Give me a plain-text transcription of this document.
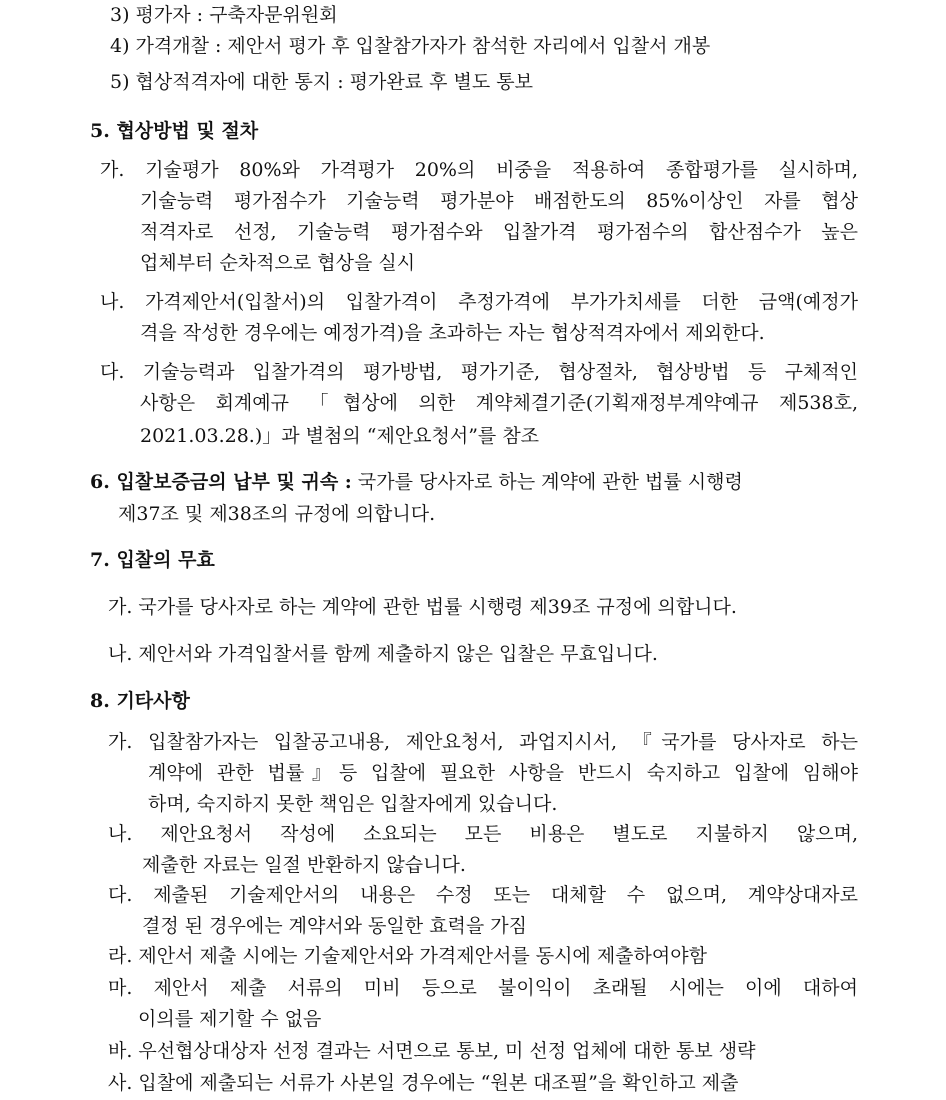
3) 평가자 : 구축자문위원회
4) 가격개찰 : 제안서 평가 후 입찰참가자가 참석한 자리에서 입찰서 개봉
5) 협상적격자에 대한 통지 : 평가완료 후 별도 통보
5. 협상방법 및 절차
가. 기술평가 80%와 가격평가 20%의 비중을 적용하여 종합평가를 실시하며,
기술능력 평가점수가 기술능력 평가분야 배점한도의 85%이상인 자를 협상
적격자로 선정, 기술능력 평가점수와 입찰가격 평가점수의 합산점수가 높은
업체부터 순차적으로 협상을 실시
나. 가격제안서(입찰서)의 입찰가격이 추정가격에 부가가치세를 더한 금액(예정가
격을 작성한 경우에는 예정가격)을 초과하는 자는 협상적격자에서 제외한다.
다. 기술능력과 입찰가격의 평가방법, 평가기준, 협상절차, 협상방법 등 구체적인
사항은 회계예규 「협상에 의한 계약체결기준(기획재정부계약예규 제538호,
2021.03.28.)」과 별첨의 “제안요청서”를 참조
6. 입찰보증금의 납부 및 귀속 : 국가를 당사자로 하는 계약에 관한 법률 시행령
제37조 및 제38조의 규정에 의합니다.
7. 입찰의 무효
가. 국가를 당사자로 하는 계약에 관한 법률 시행령 제39조 규정에 의합니다.
나. 제안서와 가격입찰서를 함께 제출하지 않은 입찰은 무효입니다.
8. 기타사항
가. 입찰참가자는 입찰공고내용, 제안요청서, 과업지시서, 『국가를 당사자로 하는
계약에 관한 법률』등 입찰에 필요한 사항을 반드시 숙지하고 입찰에 임해야
하며, 숙지하지 못한 책임은 입찰자에게 있습니다.
나. 제안요청서 작성에 소요되는 모든 비용은 별도로 지불하지 않으며,
제출한 자료는 일절 반환하지 않습니다.
다. 제출된 기술제안서의 내용은 수정 또는 대체할 수 없으며, 계약상대자로
결정 된 경우에는 계약서와 동일한 효력을 가짐
라. 제안서 제출 시에는 기술제안서와 가격제안서를 동시에 제출하여야함
마. 제안서 제출 서류의 미비 등으로 불이익이 초래될 시에는 이에 대하여
이의를 제기할 수 없음
바. 우선협상대상자 선정 결과는 서면으로 통보, 미 선정 업체에 대한 통보 생략
사. 입찰에 제출되는 서류가 사본일 경우에는 “원본 대조필”을 확인하고 제출
